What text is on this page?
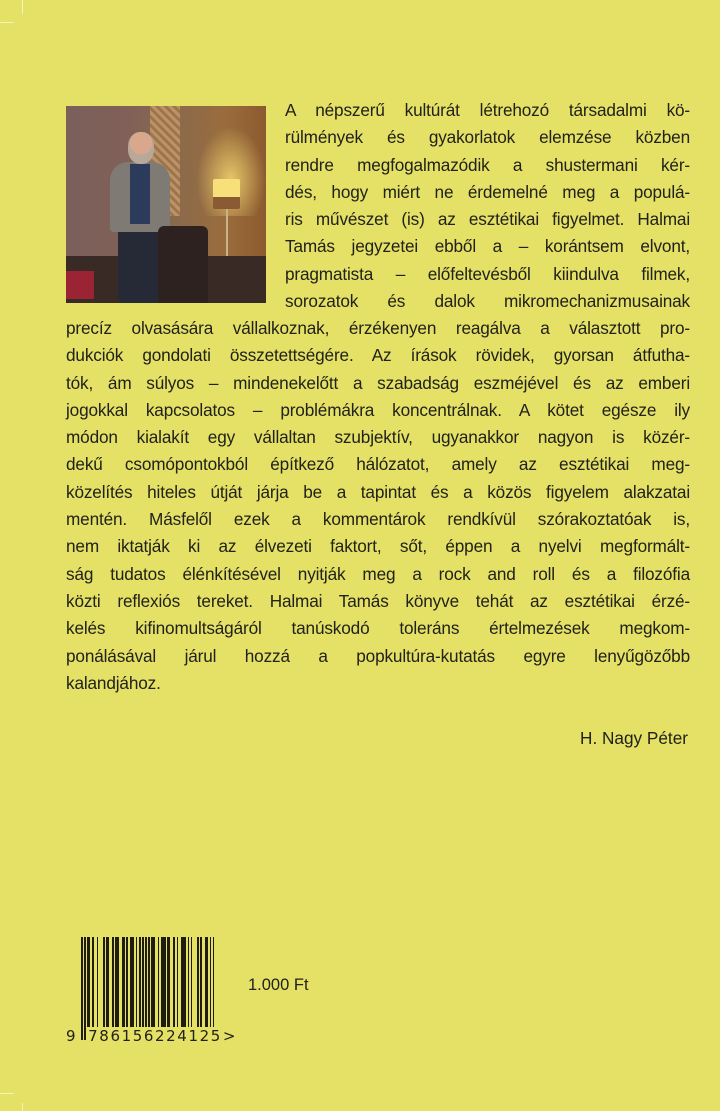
A népszerű kultúrát létrehozó társadalmi kö-
rülmények és gyakorlatok elemzése közben
rendre megfogalmazódik a shustermani kér-
dés, hogy miért ne érdemelné meg a populá-
ris művészet (is) az esztétikai figyelmet. Halmai
Tamás jegyzetei ebből a – korántsem elvont,
pragmatista – előfeltevésből kiindulva filmek,
sorozatok és dalok mikromechanizmusainak
precíz olvasására vállalkoznak, érzékenyen reagálva a választott pro-
dukciók gondolati összetettségére. Az írások rövidek, gyorsan átfutha-
tók, ám súlyos – mindenekelőtt a szabadság eszméjével és az emberi
jogokkal kapcsolatos – problémákra koncentrálnak. A kötet egésze ily
módon kialakít egy vállaltan szubjektív, ugyanakkor nagyon is közér-
dekű csomópontokból építkező hálózatot, amely az esztétikai meg-
közelítés hiteles útját járja be a tapintat és a közös figyelem alakzatai
mentén. Másfelől ezek a kommentárok rendkívül szórakoztatóak is,
nem iktatják ki az élvezeti faktort, sőt, éppen a nyelvi megformált-
ság tudatos élénkítésével nyitják meg a rock and roll és a filozófia
közti reflexiós tereket. Halmai Tamás könyve tehát az esztétikai érzé-
kelés kifinomultságáról tanúskodó toleráns értelmezések megkom-
ponálásával járul hozzá a popkultúra-kutatás egyre lenyűgözőbb
kalandjához.
H. Nagy Péter
9 786156224125>
1.000 Ft
